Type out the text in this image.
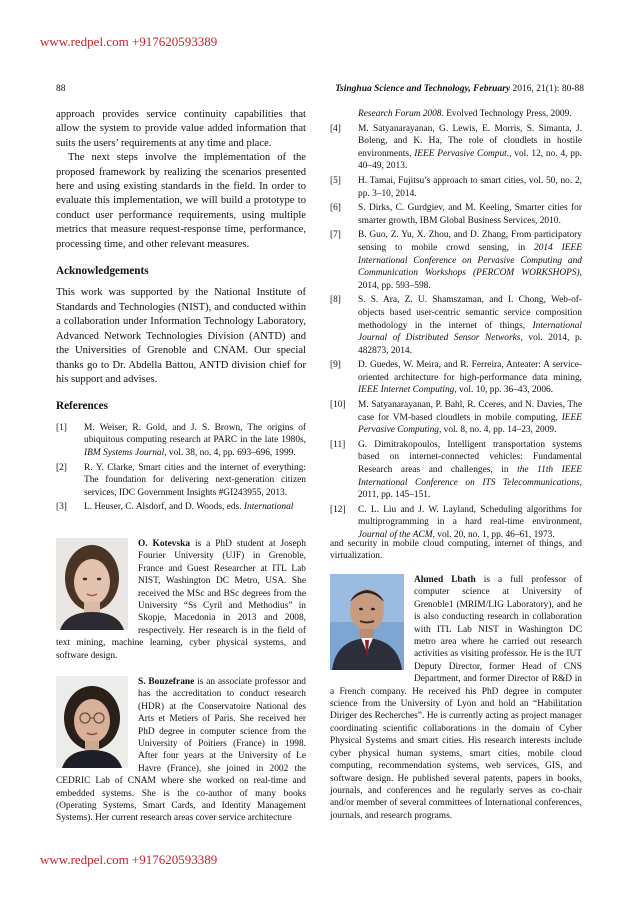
www.redpel.com +917620593389
88	Tsinghua Science and Technology, February 2016, 21(1): 80-88

approach provides service continuity capabilities that allow the system to provide value added information that suits the users’ requirements at any time and place.

The next steps involve the implementation of the proposed framework by realizing the scenarios presented here and using existing standards in the field. In order to evaluate this implementation, we will build a prototype to conduct user performance requirements, using multiple metrics that measure request-response time, performance, processing time, and other relevant measures.

Acknowledgements

This work was supported by the National Institute of Standards and Technologies (NIST), and conducted within a collaboration under Information Technology Laboratory, Advanced Network Technologies Division (ANTD) and the Universities of Grenoble and CNAM. Our special thanks go to Dr. Abdella Battou, ANTD division chief for his support and advises.

References
[1]	M. Weiser, R. Gold, and J. S. Brown, The origins of ubiquitous computing research at PARC in the late 1980s, IBM Systems Journal, vol. 38, no. 4, pp. 693–696, 1999.
[2]	R. Y. Clarke, Smart cities and the internet of everything: The foundation for delivering next-generation citizen services, IDC Government Insights #GI243955, 2013.
[3]	L. Heuser, C. Alsdorf, and D. Woods, eds. International
Research Forum 2008. Evolved Technology Press, 2009.
[4]	M. Satyanarayanan, G. Lewis, E. Morris, S. Simanta, J. Boleng, and K. Ha, The role of cloudlets in hostile environments, IEEE Pervasive Comput., vol. 12, no. 4, pp. 40–49, 2013.
[5]	H. Tamai, Fujitsu’s approach to smart cities, vol. 50, no. 2, pp. 3–10, 2014.
[6]	S. Dirks, C. Gurdgiev, and M. Keeling, Smarter cities for smarter growth, IBM Global Business Services, 2010.
[7]	B. Guo, Z. Yu, X. Zhou, and D. Zhang, From participatory sensing to mobile crowd sensing, in 2014 IEEE International Conference on Pervasive Computing and Communication Workshops (PERCOM WORKSHOPS), 2014, pp. 593–598.
[8]	S. S. Ara, Z. U. Shamszaman, and I. Chong, Web-of-objects based user-centric semantic service composition methodology in the internet of things, International Journal of Distributed Sensor Networks, vol. 2014, p. 482873, 2014.
[9]	D. Guedes, W. Meira, and R. Ferreira, Anteater: A service-oriented architecture for high-performance data mining, IEEE Internet Computing, vol. 10, pp. 36–43, 2006.
[10]	M. Satyanarayanan, P. Bahl, R. Cceres, and N. Davies, The case for VM-based cloudlets in mobile computing, IEEE Pervasive Computing, vol. 8, no. 4, pp. 14–23, 2009.
[11]	G. Dimitrakopoulos, Intelligent transportation systems based on internet-connected vehicles: Fundamental Research areas and challenges, in the 11th IEEE International Conference on ITS Telecommunications, 2011, pp. 145–151.
[12]	C. L. Liu and J. W. Layland, Scheduling algorithms for multiprogramming in a hard real-time environment, Journal of the ACM, vol. 20, no. 1, pp. 46–61, 1973.
O. Kotevska is a PhD student at Joseph Fourier University (UJF) in Grenoble, France and Guest Researcher at ITL Lab NIST, Washington DC Metro, USA. She received the MSc and BSc degrees from the University “Ss Cyril and Methodius” in Skopje, Macedonia in 2013 and 2008, respectively. Her research is in the field of text mining, machine learning, cyber physical systems, and software design.
S. Bouzefrane is an associate professor and has the accreditation to conduct research (HDR) at the Conservatoire National des Arts et Metiers of Paris. She received her PhD degree in computer science from the University of Poitiers (France) in 1998. After four years at the University of Le Havre (France), she joined in 2002 the CEDRIC Lab of CNAM where she worked on real-time and embedded systems. She is the co-author of many books (Operating Systems, Smart Cards, and Identity Management Systems). Her current research areas cover service architecture
and security in mobile cloud computing, internet of things, and virtualization.
Ahmed Lbath is a full professor of computer science at University of Grenoble1 (MRIM/LIG Laboratory), and he is also conducting research in collaboration with ITL Lab NIST in Washington DC metro area where he carried out research activities as visiting professor. He is the IUT Deputy Director, former Head of CNS Department, and former Director of R&D in a French company. He received his PhD degree in computer science from the University of Lyon and hold an “Habilitation Diriger des Recherches”. He is currently acting as project manager coordinating scientific collaborations in the domain of Cyber Physical Systems and smart cities. His research interests include cyber physical human systems, smart cities, mobile cloud computing, recommendation systems, web services, GIS, and software design. He published several patents, papers in books, journals, and conferences and he regularly serves as co-chair and/or member of several committees of International conferences, journals, and research programs.
www.redpel.com +917620593389
